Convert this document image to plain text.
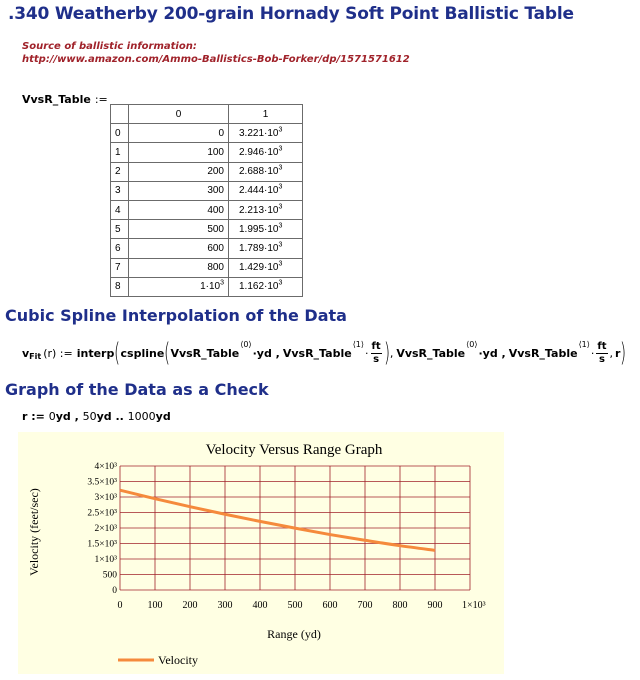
.340 Weatherby 200-grain Hornady Soft Point Ballistic Table
Source of ballistic information:
http://www.amazon.com/Ammo-Ballistics-Bob-Forker/dp/1571571612
VvsR_Table :=
	0	1
0	0	$3.221\cdot 10^3$
1	100	$2.946\cdot 10^3$
2	200	$2.688\cdot 10^3$
3	300	$2.444\cdot 10^3$
4	400	$2.213\cdot 10^3$
5	500	$1.995\cdot 10^3$
6	600	$1.789\cdot 10^3$
7	800	$1.429\cdot 10^3$
8	$1\cdot 10^3$	$1.162\cdot 10^3$
Cubic Spline Interpolation of the Data
v Fit (r) := interp ( cspline ( VvsR_Table
⟨0⟩
·yd , VvsR_Table
⟨1⟩
· $\frac{ft}{s}$ ) , VvsR_Table
⟨0⟩
·yd , VvsR_Table
⟨1⟩
· $\frac{ft}{s}$ , r )
Graph of the Data as a Check
r := 0yd , 50yd .. 1000yd
Velocity Versus Range Graph
0	100 200 300 400 500 600 700 800 900 1×10³
0
500
1×10³
1.5×10³
2×10³
2.5×10³
3×10³
3.5×10³
4×10³
Range (yd)
Velocity (feet/sec)
Velocity
